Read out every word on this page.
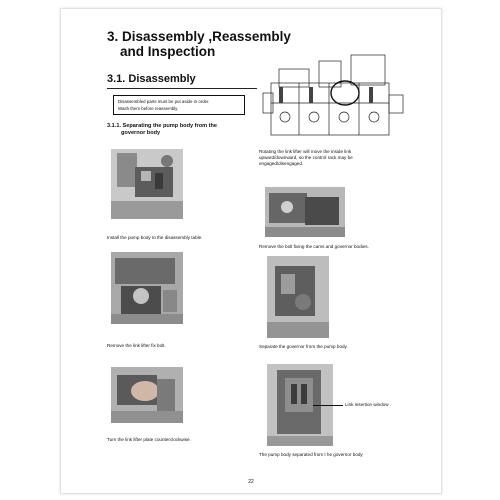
3. Disassembly ,Reassembly
and Inspection
3.1. Disassembly
Disassembled parts must be put aside in order.
Wash them before reassembly.
3.1.1. Separating the pump body from the
governor body
Install the pump body to the disassembly table.
Remove the link lifter fix bolt.
Turn the link lifter plate counterclockwise.
Rotating the link lifter will move the inside link
upward/downward, so the control rack may be
engaged/disengaged.
Remove the bolt fixing the cams and governor bodies.
Separate the governor from the pump body.
Link insertion window
The pump body separated from t he governor body
22
